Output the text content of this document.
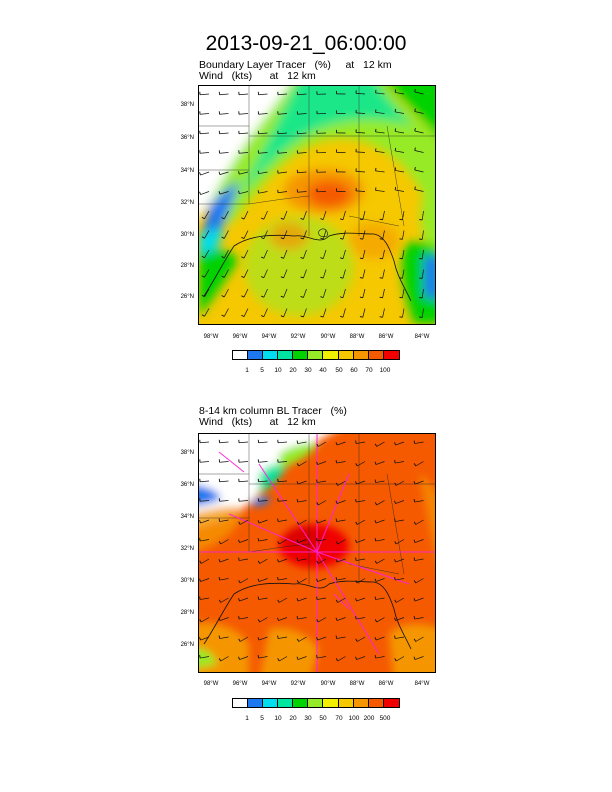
2013-09-21_06:00:00
Boundary Layer Tracer   (%)     at   12 km
Wind   (kts)      at   12 km
38°N
36°N
34°N
32°N
30°N
28°N
26°N
98°W	96°W	94°W	92°W	90°W	88°W	86°W	84°W
1	5	10	20	30	40	50	60	70	100
8-14 km column BL Tracer   (%)
Wind   (kts)      at   12 km
38°N
36°N
34°N
32°N
30°N
28°N
26°N
98°W	96°W	94°W	92°W	90°W	88°W	86°W	84°W
1	5	10	20	30	50	70 100 200 500
